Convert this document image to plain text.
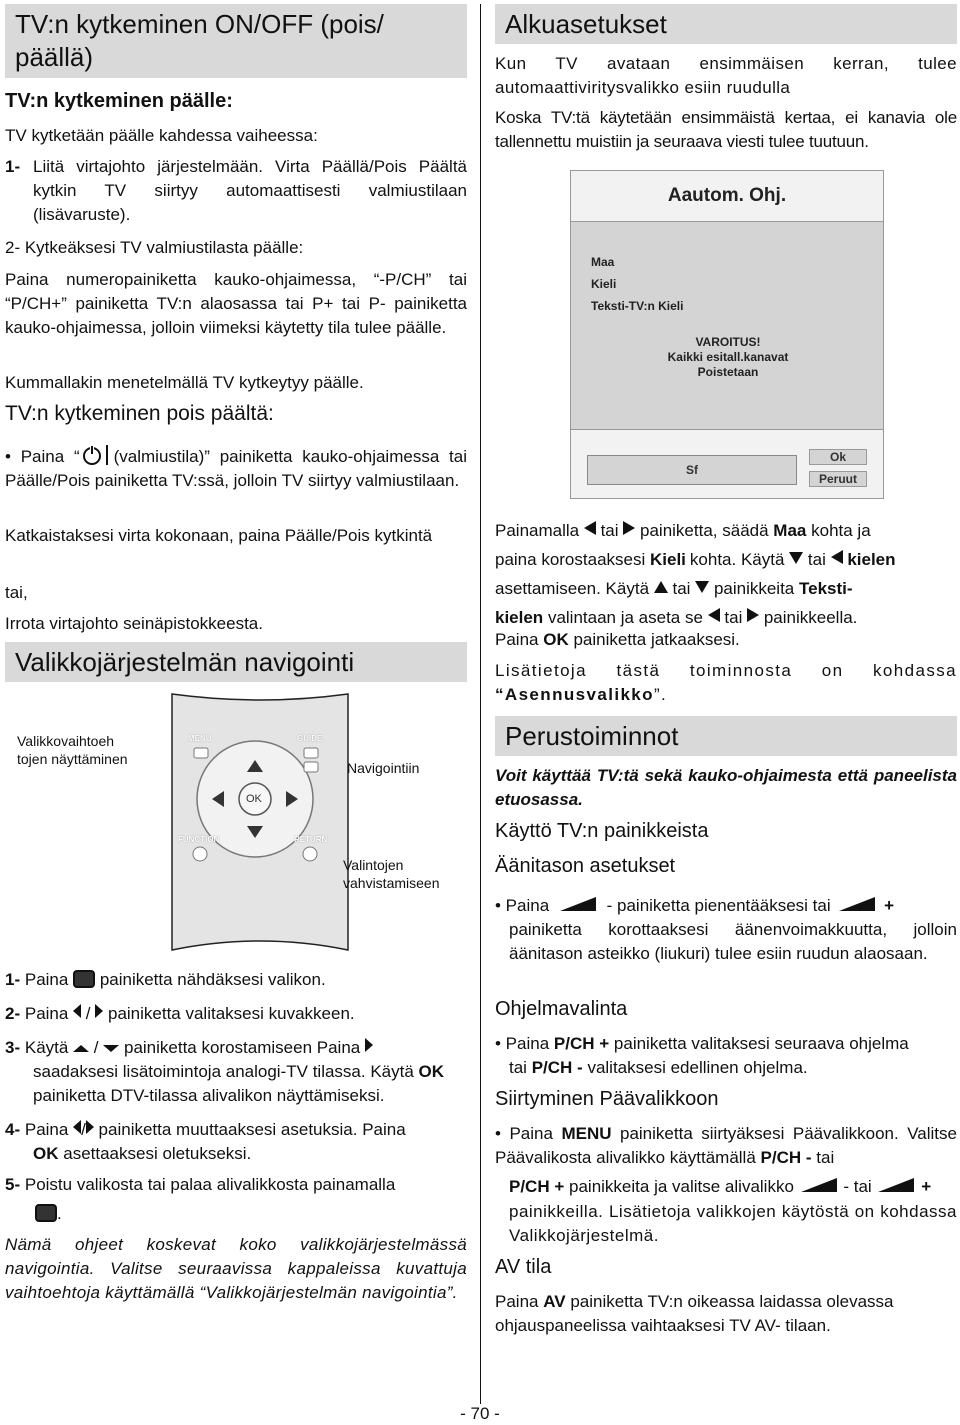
TV:n kytkeminen ON/OFF (pois/ päällä)
TV:n kytkeminen päälle:
TV kytketään päälle kahdessa vaiheessa:
1- Liitä virtajohto järjestelmään. Virta Päällä/Pois Päältä kytkin TV siirtyy automaattisesti valmiustilaan (lisävaruste).
2- Kytkeäksesi TV valmiustilasta päälle:
Paina numeropainiketta kauko-ohjaimessa, “-P/CH” tai “P/CH+” painiketta TV:n alaosassa tai P+ tai P- painiketta kauko-ohjaimessa, jolloin viimeksi käytetty tila tulee päälle.
Kummallakin menetelmällä TV kytkeytyy päälle.
TV:n kytkeminen pois päältä:
• Paina “ (valmiustila)” painiketta kauko-ohjaimessa tai Päälle/Pois painiketta TV:ssä, jolloin TV siirtyy valmiustilaan.
Katkaistaksesi virta kokonaan, paina Päälle/Pois kytkintä
tai,
Irrota virtajohto seinäpistokkeesta.
Valikkojärjestelmän navigointi
MENU	GUIDE
OK
FUNCTION	RETURN
Valikkovaihtoeh tojen näyttäminen
Navigointiin
Valintojen vahvistamiseen
1- Paina painiketta nähdäksesi valikon.
2- Paina  /  painiketta valitaksesi kuvakkeen.
3- Käytä  /  painiketta korostamiseen Paina
saadaksesi lisätoimintoja analogi-TV tilassa. Käytä OK painiketta DTV-tilassa alivalikon näyttämiseksi.
4- Paina / painiketta muuttaaksesi asetuksia. Paina
OK asettaaksesi oletukseksi.
5- Poistu valikosta tai palaa alivalikkosta painamalla
.
Nämä ohjeet koskevat koko valikkojärjestelmässä navigointia. Valitse seuraavissa kappaleissa kuvattuja vaihtoehtoja käyttämällä “Valikkojärjestelmän navigointia”.
Alkuasetukset
Kun TV avataan ensimmäisen kerran, tulee automaattiviritysvalikko esiin ruudulla
Koska TV:tä käytetään ensimmäistä kertaa, ei kanavia ole tallennettu muistiin ja seuraava viesti tulee tuutuun.
Aautom. Ohj.
Maa
Kieli
Teksti-TV:n Kieli
VAROITUS!
Kaikki esitall.kanavat
Poistetaan
Sf
Ok
Peruut
Painamalla tai painiketta, säädä Maa kohta ja
paina korostaaksesi Kieli kohta. Käytä tai kielen
asettamiseen. Käytä tai painikkeita Teksti-
kielen valintaan ja aseta se tai painikkeella.
Paina OK painiketta jatkaaksesi.
Lisätietoja tästä toiminnosta on kohdassa “Asennusvalikko”.
Perustoiminnot
Voit käyttää TV:tä sekä kauko-ohjaimesta että paneelista etuosassa.
Käyttö TV:n painikkeista
Äänitason asetukset
• Paina	- painiketta pienentääksesi tai	+
painiketta korottaaksesi äänenvoimakkuutta, jolloin äänitason asteikko (liukuri) tulee esiin ruudun alaosaan.
Ohjelmavalinta
• Paina P/CH + painiketta valitaksesi seuraava ohjelma
tai P/CH - valitaksesi edellinen ohjelma.
Siirtyminen Päävalikkoon
• Paina MENU painiketta siirtyäksesi Päävalikkoon. Valitse Päävalikosta alivalikko käyttämällä P/CH - tai
P/CH + painikkeita ja valitse alivalikko	- tai	+
painikkeilla. Lisätietoja valikkojen käytöstä on kohdassa Valikkojärjestelmä.
AV tila
Paina AV painiketta TV:n oikeassa laidassa olevassa ohjauspaneelissa vaihtaaksesi TV AV- tilaan.
- 70 -
